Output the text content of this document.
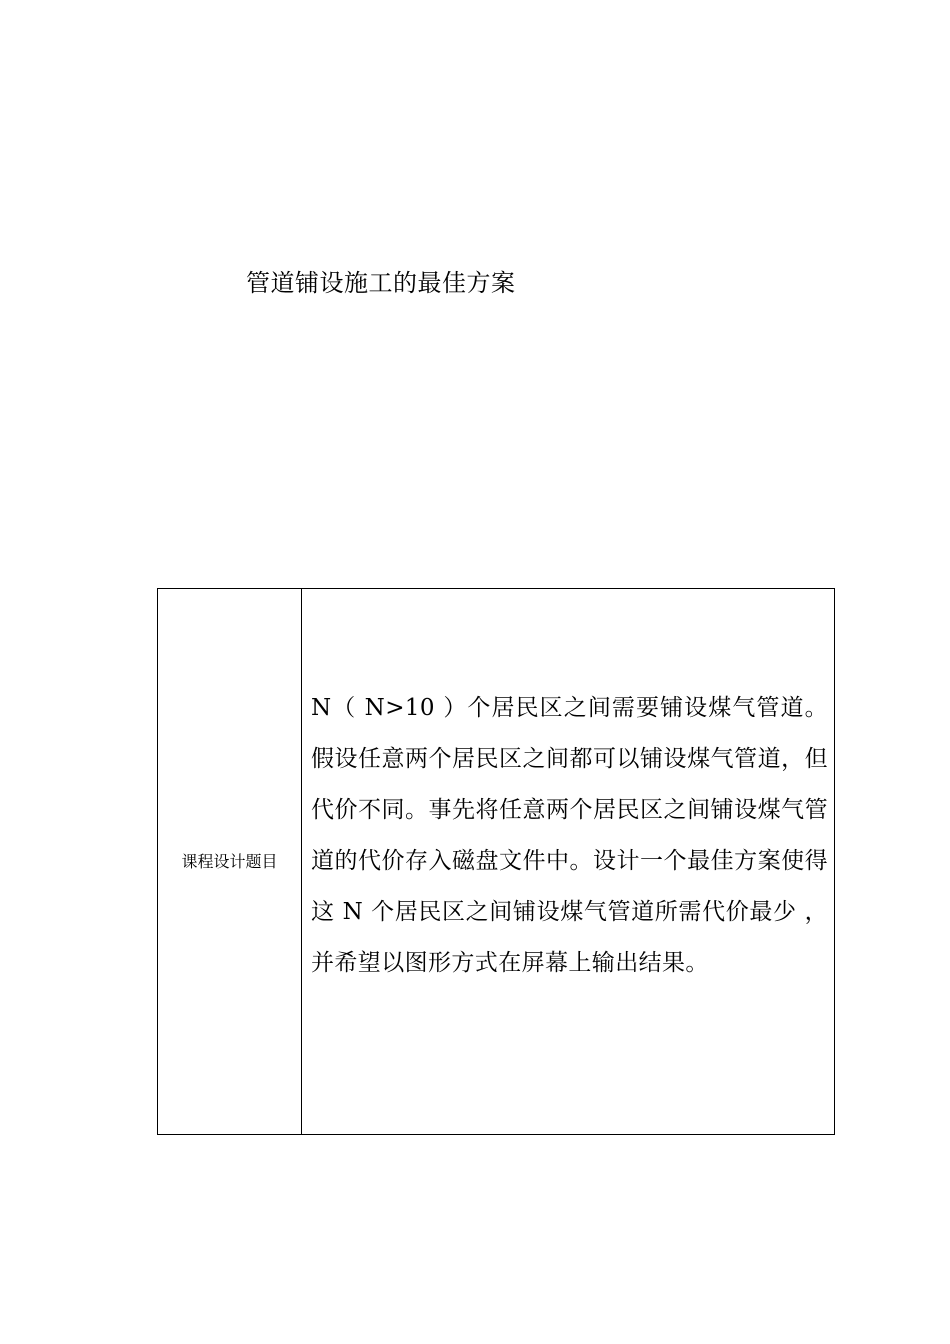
管道铺设施工的最佳方案
课程设计题目

N（ N>10 ）个居民区之间需要铺设煤气管道。假设任意两个居民区之间都可以铺设煤气管道，但代价不同。事先将任意两个居民区之间铺设煤气管道的代价存入磁盘文件中。设计一个最佳方案使得这 N 个居民区之间铺设煤气管道所需代价最少 ，并希望以图形方式在屏幕上输出结果。
